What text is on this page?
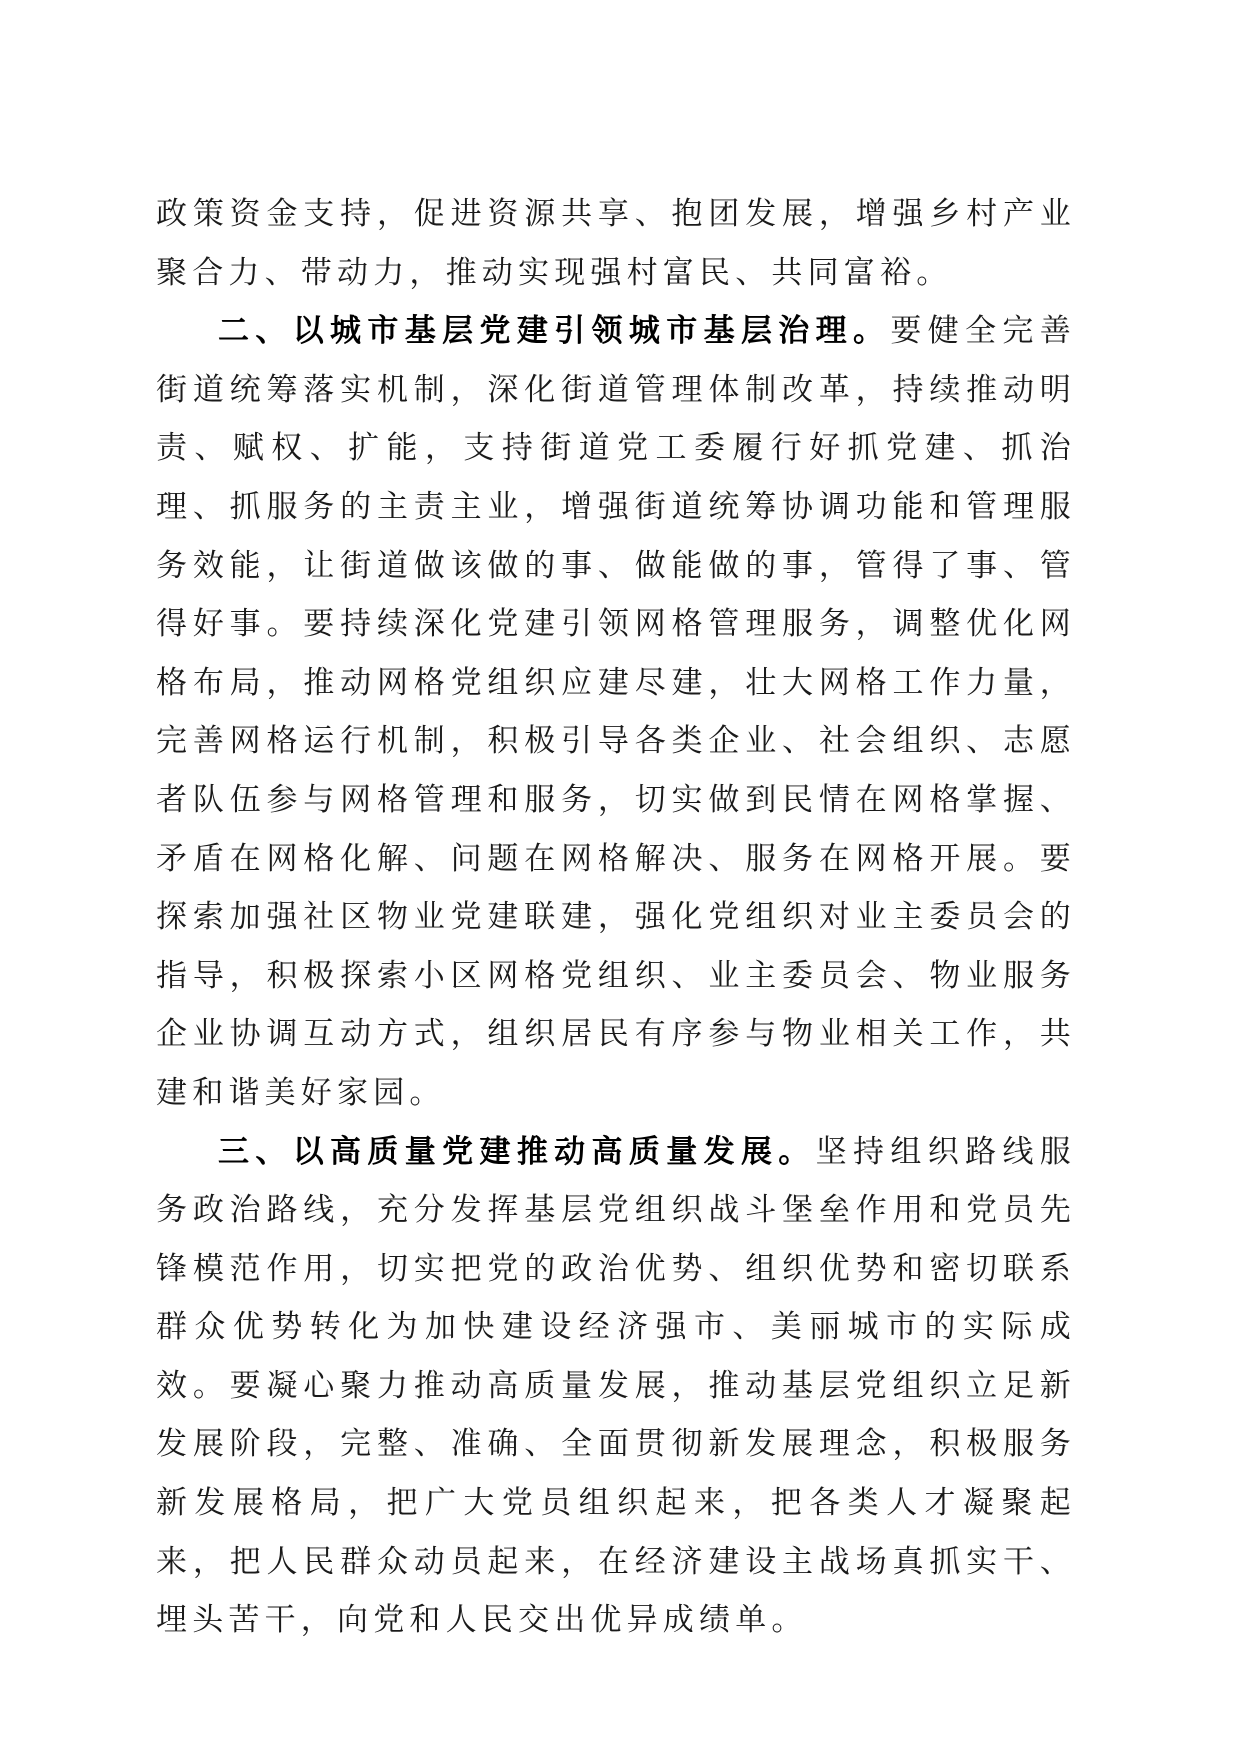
政策资金支持，促进资源共享、抱团发展，增强乡村产业聚合力、带动力，推动实现强村富民、共同富裕。

二、以城市基层党建引领城市基层治理。要健全完善街道统筹落实机制，深化街道管理体制改革，持续推动明责、赋权、扩能，支持街道党工委履行好抓党建、抓治理、抓服务的主责主业，增强街道统筹协调功能和管理服务效能，让街道做该做的事、做能做的事，管得了事、管得好事。要持续深化党建引领网格管理服务，调整优化网格布局，推动网格党组织应建尽建，壮大网格工作力量，完善网格运行机制，积极引导各类企业、社会组织、志愿者队伍参与网格管理和服务，切实做到民情在网格掌握、矛盾在网格化解、问题在网格解决、服务在网格开展。要探索加强社区物业党建联建，强化党组织对业主委员会的指导，积极探索小区网格党组织、业主委员会、物业服务企业协调互动方式，组织居民有序参与物业相关工作，共建和谐美好家园。

三、以高质量党建推动高质量发展。坚持组织路线服务政治路线，充分发挥基层党组织战斗堡垒作用和党员先锋模范作用，切实把党的政治优势、组织优势和密切联系群众优势转化为加快建设经济强市、美丽城市的实际成效。要凝心聚力推动高质量发展，推动基层党组织立足新发展阶段，完整、准确、全面贯彻新发展理念，积极服务新发展格局，把广大党员组织起来，把各类人才凝聚起来，把人民群众动员起来，在经济建设主战场真抓实干、埋头苦干，向党和人民交出优异成绩单。
